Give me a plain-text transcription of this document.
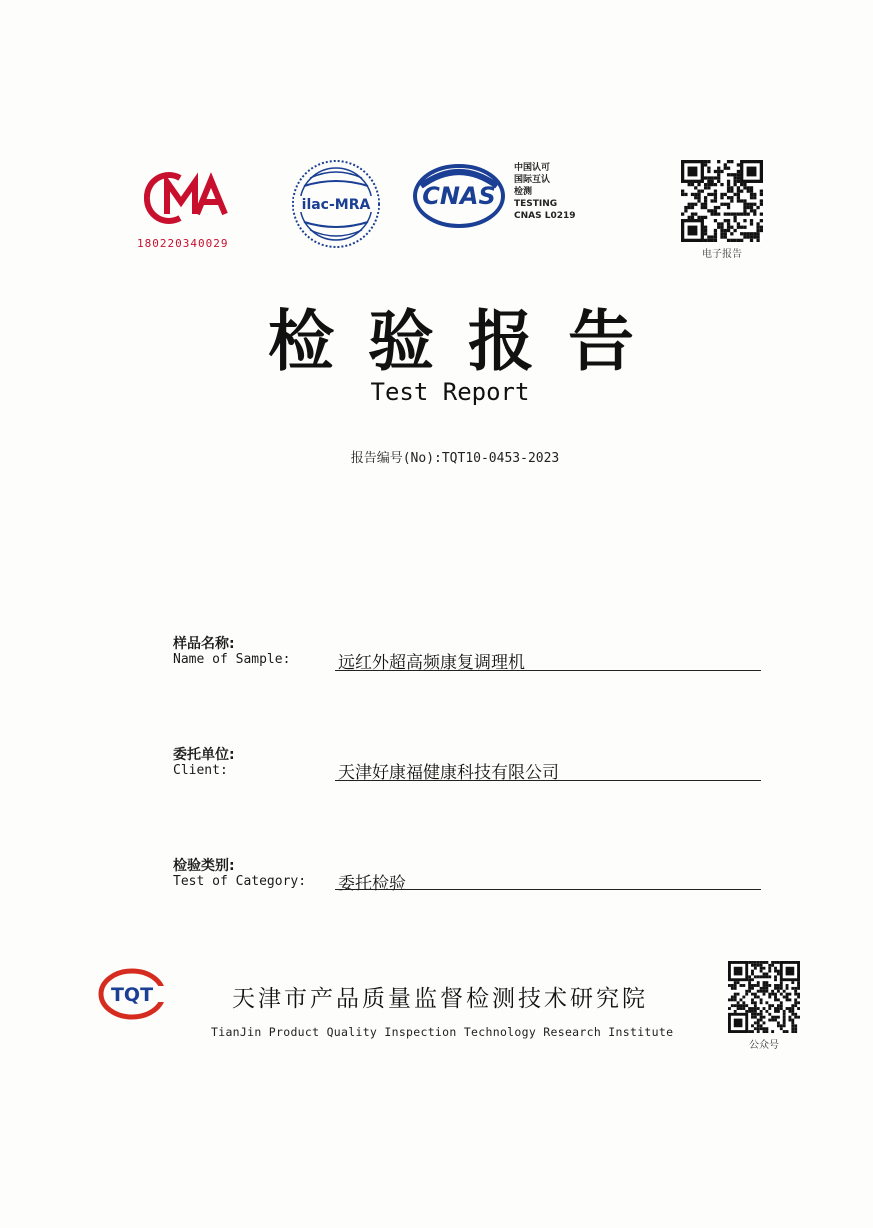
180220340029
ilac-MRA CNAS
中国认可
国际互认
检测
TESTING
CNAS L0219
电子报告
检验报告
Test Report
报告编号(No):TQT10-0453-2023
样品名称:
Name of Sample:	远红外超高频康复调理机
委托单位:
Client:	天津好康福健康科技有限公司
检验类别:
Test of Category: 委托检验
TQT	天津市产品质量监督检测技术研究院
TianJin Product Quality Inspection Technology Research Institute
公众号
